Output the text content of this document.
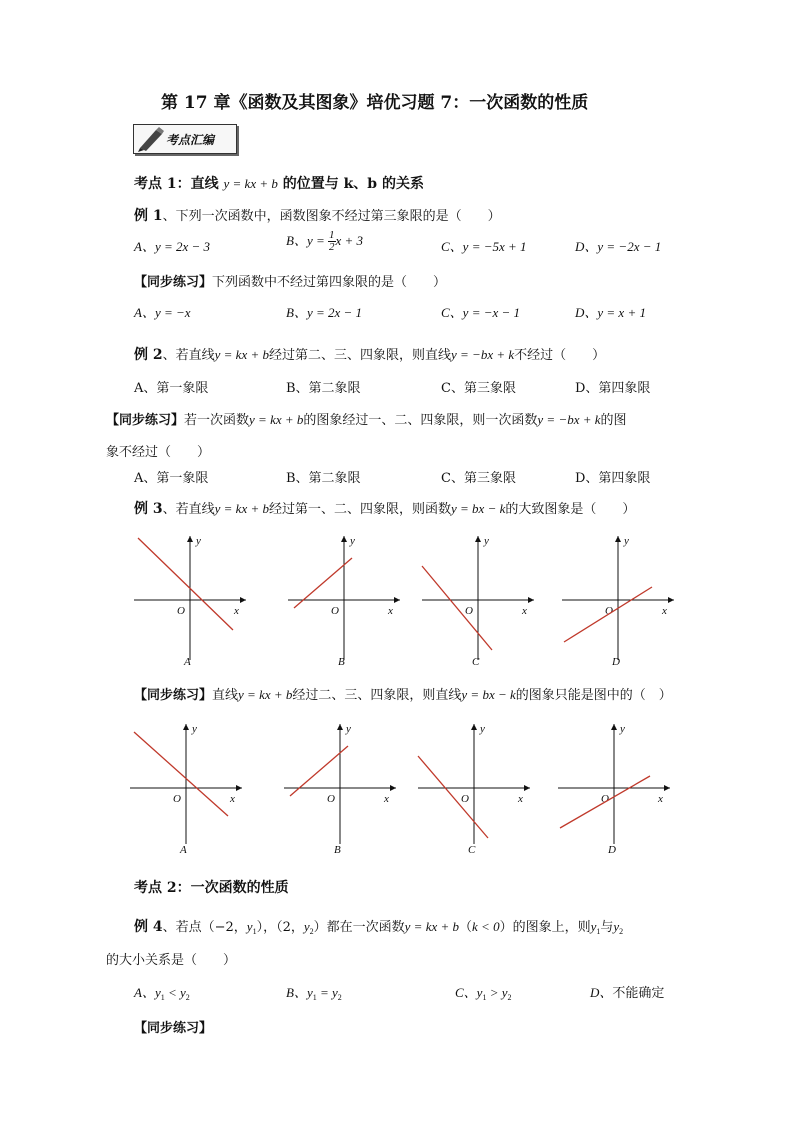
第 17 章《函数及其图象》培优习题 7：一次函数的性质
考点汇编
考点 1：直线 y = kx + b 的位置与 k、b 的关系
例 1、下列一次函数中，函数图象不经过第三象限的是（　　）
A、y = 2x − 3	B、$y = \frac{1}{2}$ x + 3	C、y = −5x + 1	D、y = −2x − 1
【同步练习】下列函数中不经过第四象限的是（　　）
A、y = −x	B、y = 2x − 1	C、y = −x − 1	D、y = x + 1
例 2、若直线y = kx + b经过第二、三、四象限，则直线y = −bx + k不经过（　　）
A、第一象限	B、第二象限	C、第三象限	D、第四象限
【同步练习】若一次函数y = kx + b的图象经过一、二、四象限，则一次函数y = −bx + k的图
象不经过（　　）
A、第一象限	B、第二象限	C、第三象限	D、第四象限
例 3、若直线y = kx + b经过第一、二、四象限，则函数y = bx − k的大致图象是（　　）
y
x
O
A
y
x
O
B
y
x
O
C
y
x
O
D
【同步练习】直线y = kx + b经过二、三、四象限，则直线y = bx − k的图象只能是图中的（　）
y
x
O
A
y
x
O
B
y
x
O
C
y
x
O
D
考点 2：一次函数的性质
例 4、若点（−2，$y_1$），（2，$y_2$）都在一次函数y = kx + b（k < 0）的图象上，则$y_1$与$y_2$
的大小关系是（　　）
A、$y_1 < y_2$	B、$y_1 = y_2$	C、$y_1 > y_2$	D、不能确定
【同步练习】
